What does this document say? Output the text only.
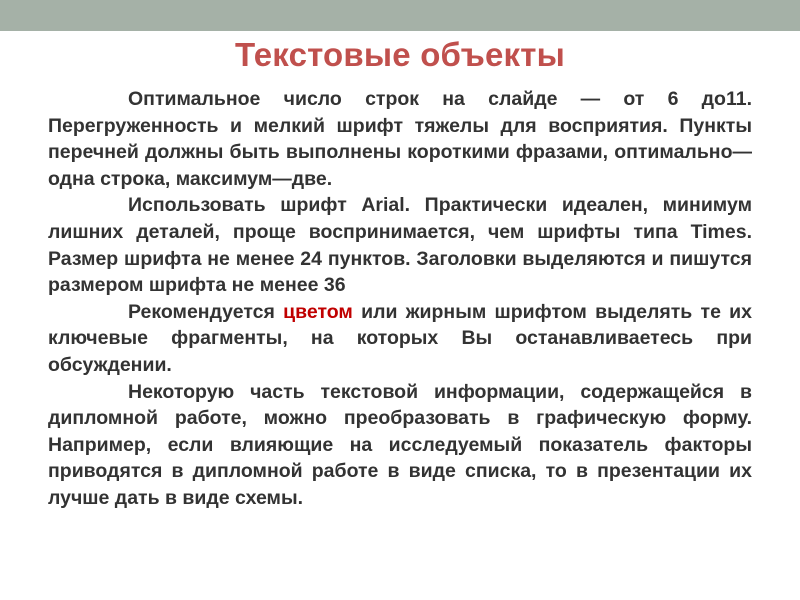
Текстовые объекты

Оптимальное число строк на слайде — от 6 до11. Перегруженность и мелкий шрифт тяжелы для восприятия. Пункты перечней должны быть выполнены короткими фразами, оптимально—одна строка, максимум—две.

Использовать шрифт Arial. Практически идеален, минимум лишних деталей, проще воспринимается, чем шрифты типа Times. Размер шрифта не менее 24 пунктов. Заголовки выделяются и пишутся размером шрифта не менее 36

Рекомендуется цветом или жирным шрифтом выделять те их ключевые фрагменты, на которых Вы останавливаетесь при обсуждении.

Некоторую часть текстовой информации, содержащейся в дипломной работе, можно преобразовать в графическую форму. Например, если влияющие на исследуемый показатель факторы приводятся в дипломной работе в виде списка, то в презентации их лучше дать в виде схемы.
